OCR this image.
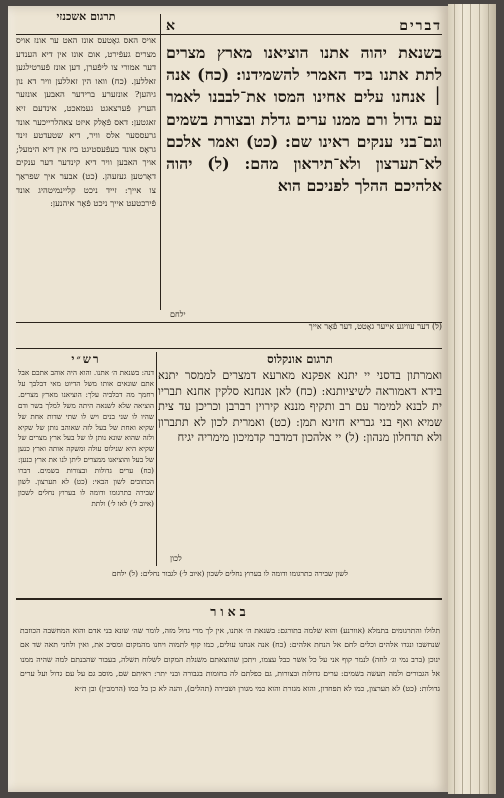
תרגום אשכנזי
אויס האס גאָטעס אונז האט ער אונז אויס מצרים געפֿירט, אום אונז אין דיא הענדע דער אמורי צו ליפֿערן, דען אונז פֿערטילגען זאללען. (כח) וואו הין זאללען וויר דא נון גיהען? אונזערע ברידער האבען אונזער הערץ פֿערצאגט געמאכט, אינדעם זיא זאגטען: דאס פֿאָלק איזט צאהלרייכער אונד גרעססער אלס וויר, דיא שטעדטע זינד גראָס אונד בעפֿעסטיגט ביז אין דיא הימעל; אויך האבען וויר דיא קינדער דער ענקים דאָרטען געזעהן. (כט) אבער איך שפראַך צו אייך: זייד ניכט קליינמיטהיג אונד פֿירכטעט אייך ניכט פֿאָר איהנען:
דברים
א
בשנאת יהוה אתנו הוציאנו מארץ מצרים לתת אתנו ביד האמרי להשמידנו: (כח) אנה ׀ אנחנו עלים אחינו המסו את־לבבנו לאמר עם גדול ורם ממנו ערים גדלת ובצורת בשמים וגם־בני ענקים ראינו שם: (כט) ואמר אלכם לא־תערצון ולא־תיראון מהם: (ל) יהוה אלהיכם ההלך לפניכם הוא
ילחם
(ל) דער עוויגע אייער גאָטט, דער פֿאָר אייך
תרגום אונקלוס
ואמרתון בדסני יי יתנא אפקנא מארעא דמצרים לממסר יתנא בידא דאמוראה לשיציותנא: (כח) לאן אנחנא סלקין אחנא תבריו ית לבנא למימר עם רב ותקיף מננא קירוין רברבן וכריכן עד צית שמיא ואף בני גבריא חזינא תמן: (כט) ואמרית לכון לא תתברון ולא תדחלון מנהון: (ל) יי אלהכון דמדבר קדמיכון מימריה יגיח
לכון
רש״י
דנה: בשנאת ה׳ אתנו. והוא היה אוהב אתכם אבל אתם שונאים אותו משל הדיוט מאי דבלבך על רחמך מה דבלביה עלך: הוציאנו מארץ מצרים. הוציאה שלא לשנאה היתה משל למלך בשר ודם שהיו לו שני בנים ויש לו שתי שדות אחת של שקיא ואחת של בעל לזה שאוהב נותן של שקיא ולזה שהוא שונא נותן לו של בעל ארץ מצרים של שקיא היא שנילוס עולה ומשקה אותה וארץ כנען של בעל והוציאנו ממצרים ליתן לנו את ארץ כנען: (כח) ערים גדולות ובצורות בשמים. דברו הכתובים לשון הבאי: (כט) לא תערצון. לשון שבירה כתרגומו ודומה לו בערוץ נחלים לשכון (איוב ל׳) לאו ל׳) ולתת
לשון שבירה כתרגומו ודומה לו בערוץ נחלים לשכון (איוב ל׳) לגבור נחלים: (ל) ילחם
באור
תלולו והתרגומים בתמלא (אוורנע) והוא שלמה בתורגם: בשנאת ה׳ אתנו, אין לך מרי גדול מזה, לומר שה׳ שונא בני אדם והוא המחשבה הכוזבת שנחשבו ונגדו אלהים וכלים לחם אל הנחת אלהים: (כח) אנה אנחנו עולים, כמו קוף לתמוה ויחנו מהמקום ומסיב את, ואין ולחני תאה שד אם ינוכן (ברב נמי וג׳ לחה) לנמר קוף אני על כל אשר כבל עצמו, ויתכן שהוצאתם משנלת המקום לשלוח תשלה, בעבור שהבנתם למה שהיה ממנו אל הגבורים ולמה תעשה בשמים: ערים גדולות ובצורות, גם כפלתם לה בחומות בגבורה ובני יתר: ראיתם שם, מוסב גם על עם גדול ועל ערים גדולות: (כט) לא תערצון, כמו לא תפחדון, והוא מגזרת והוא כמי מגורן ושבירה (תהלים), והנה לא כן בל כמו (הרמב״ן) ובן ת״א
